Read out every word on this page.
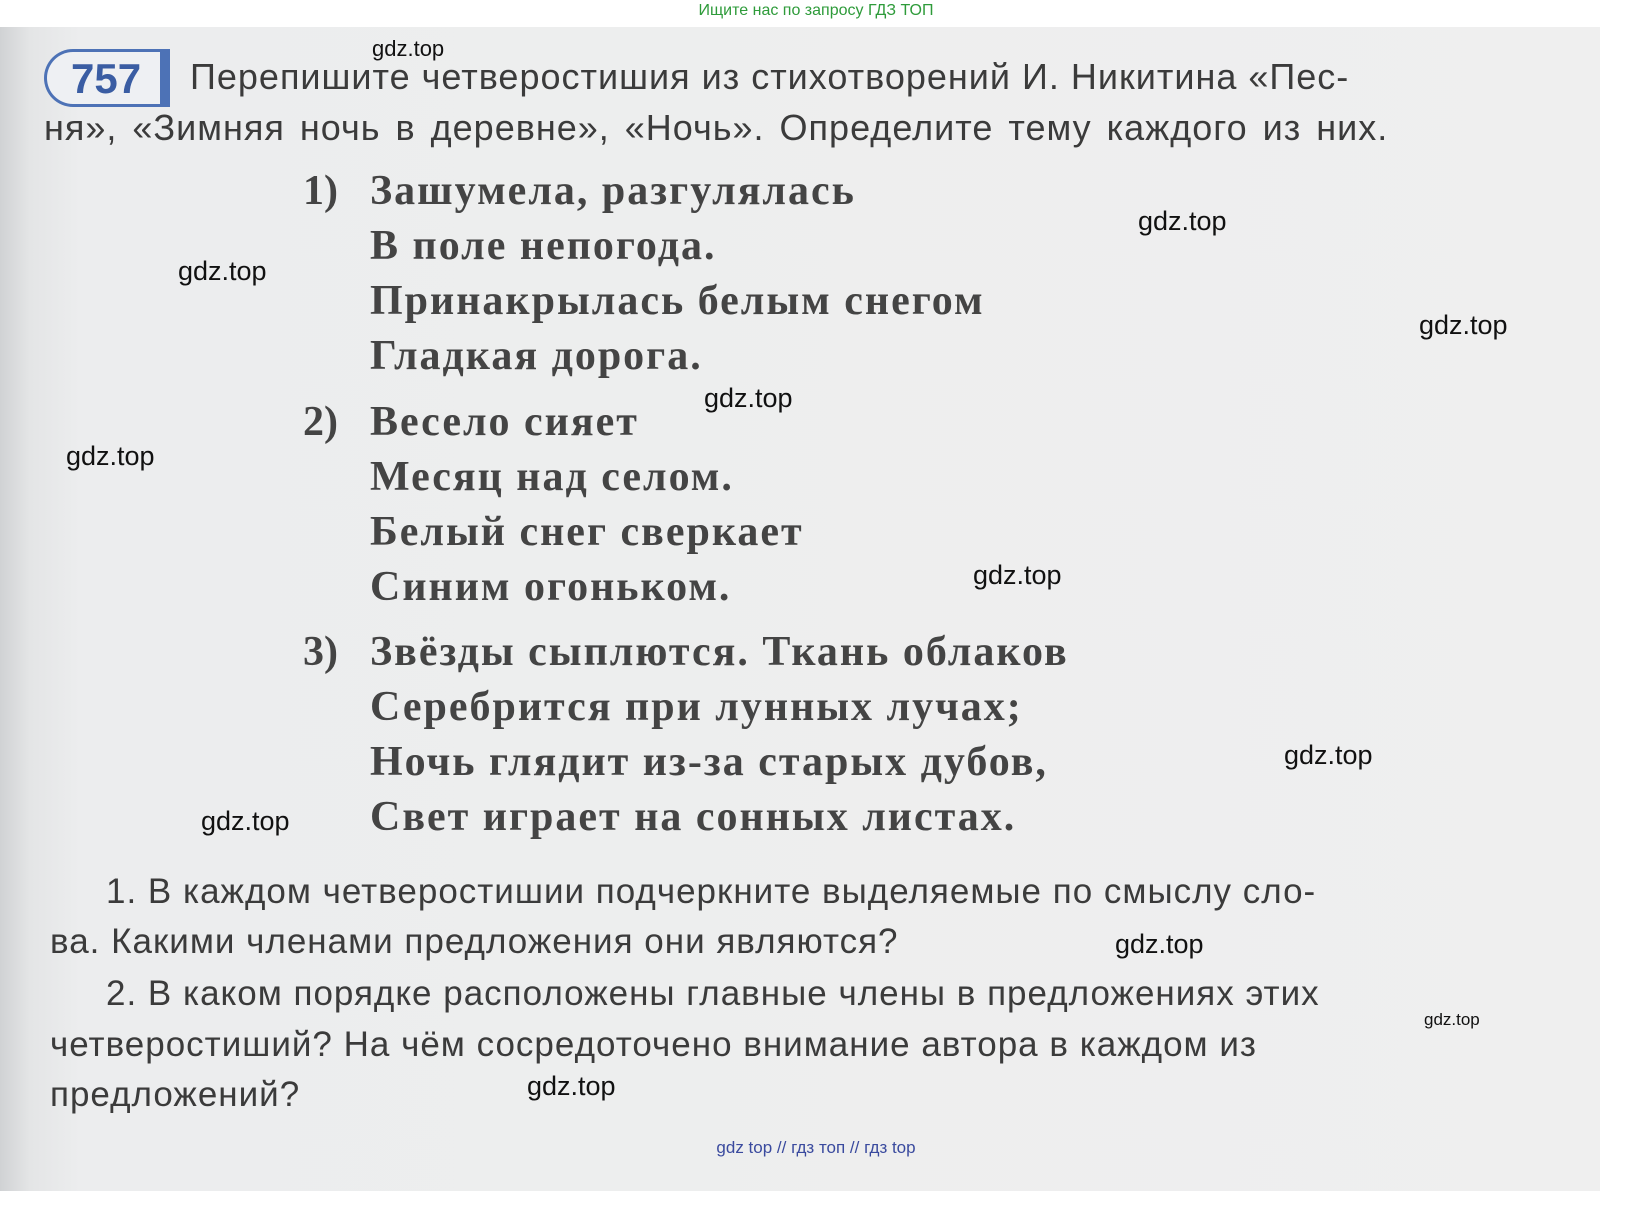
Ищите нас по запросу ГДЗ ТОП
757 Перепишите четверостишия из стихотворений И. Никитина «Пес-
ня», «Зимняя ночь в деревне», «Ночь». Определите тему каждого из них.
1) Зашумела, разгулялась
В поле непогода.
Принакрылась белым снегом
Гладкая дорога.
2) Весело сияет
Месяц над селом.
Белый снег сверкает
Синим огоньком.
3) Звёзды сыплются. Ткань облаков
Серебрится при лунных лучах;
Ночь глядит из-за старых дубов,
Свет играет на сонных листах.
1. В каждом четверостишии подчеркните выделяемые по смыслу сло-
ва. Какими членами предложения они являются?
2. В каком порядке расположены главные члены в предложениях этих
четверостиший? На чём сосредоточено внимание автора в каждом из
предложений?
gdz.top
gdz.top
gdz.top
gdz.top
gdz.top
gdz.top
gdz.top
gdz.top
gdz.top
gdz.top
gdz.top
gdz.top
gdz top // гдз топ // гдз top
